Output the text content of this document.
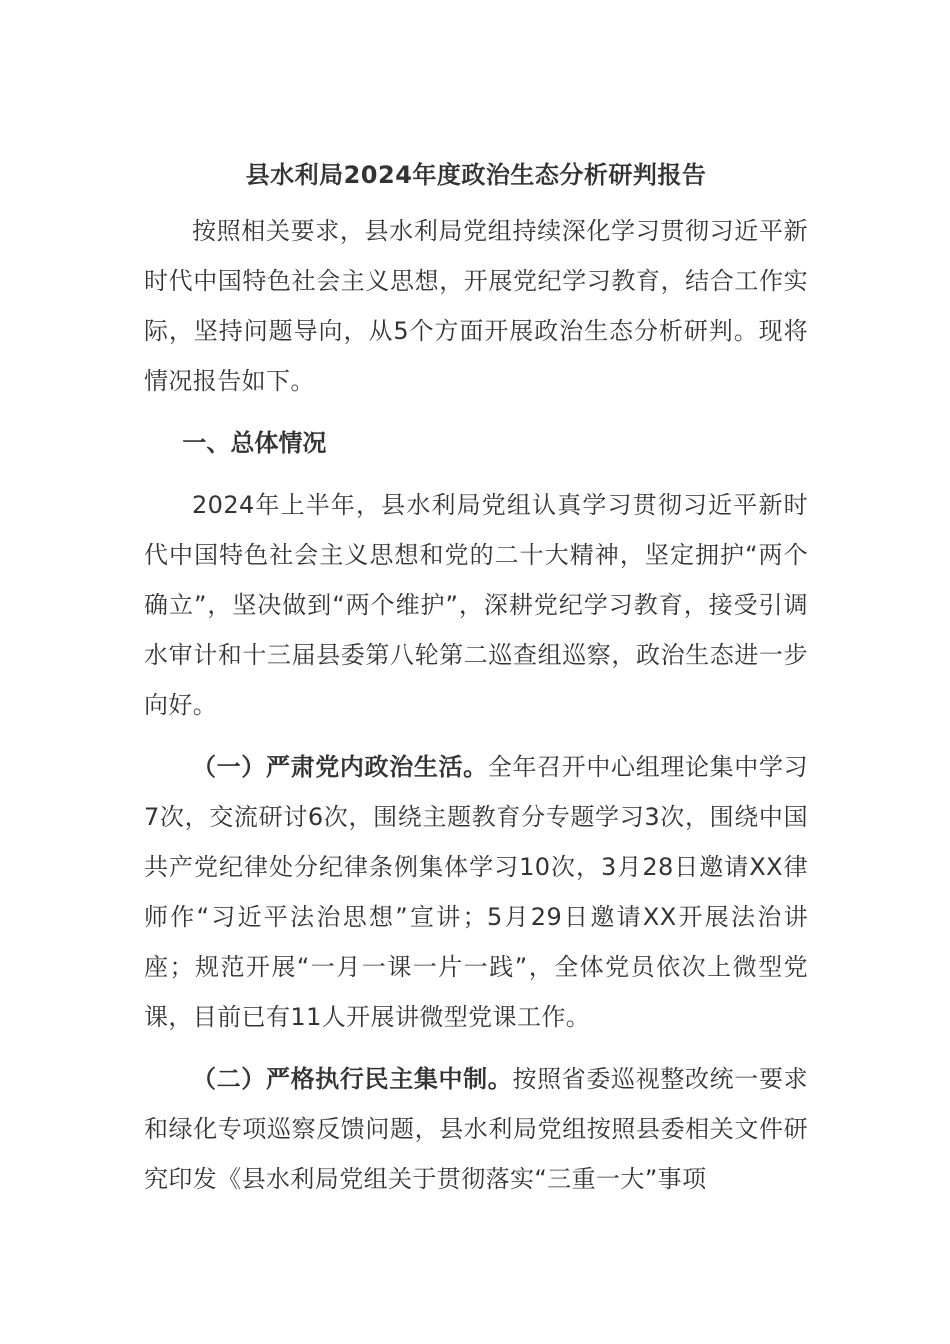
县水利局2024年度政治生态分析研判报告

按照相关要求，县水利局党组持续深化学习贯彻习近平新时代中国特色社会主义思想，开展党纪学习教育，结合工作实际，坚持问题导向，从5个方面开展政治生态分析研判。现将情况报告如下。

一、总体情况

2024年上半年，县水利局党组认真学习贯彻习近平新时代中国特色社会主义思想和党的二十大精神，坚定拥护“两个确立”，坚决做到“两个维护”，深耕党纪学习教育，接受引调水审计和十三届县委第八轮第二巡查组巡察，政治生态进一步向好。

（一）严肃党内政治生活。全年召开中心组理论集中学习7次，交流研讨6次，围绕主题教育分专题学习3次，围绕中国共产党纪律处分纪律条例集体学习10次，3月28日邀请XX律师作“习近平法治思想”宣讲；5月29日邀请XX开展法治讲座；规范开展“一月一课一片一践”，全体党员依次上微型党课，目前已有11人开展讲微型党课工作。

（二）严格执行民主集中制。按照省委巡视整改统一要求和绿化专项巡察反馈问题，县水利局党组按照县委相关文件研究印发《县水利局党组关于贯彻落实“三重一大”事项
